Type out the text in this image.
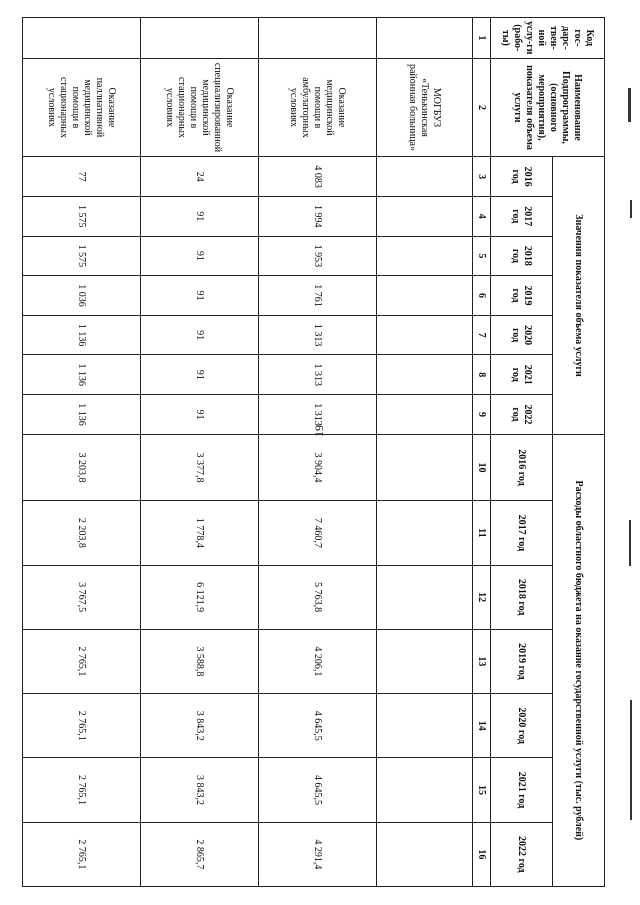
19
Код гос-дарс-твен-ной услу-ги (рабо-ты)	Наименование Подпрограммы, (основного мероприятия), показателя объема услуги	Значения показателя объема услуги							Расходы областного бюджета на оказание государственной услуги (тыс. рублей)						
		2016 год	2017 год	2018 год	2019 год	2020 год	2021 год	2022 год	2016 год	2017 год	2018 год	2019 год	2020 год	2021 год	2022 год
1	2	3	4	5	6	7	8	9	10	11	12	13	14	15	16
	МОГБУЗ «Тенькинская районная больница»														
	Оказание медицинской помощи в амбулаторных условиях	4 083	1 994	1 953	1 761	1 313	1 313	1 313	3 904,4	7 460,7	5 763,8	4 206,1	4 645,5	4 645,5	4 291,4
	Оказание специализированной медицинской помощи в стационарных условиях	24	91	91	91	91	91	91	3 377,8	1 778,4	6 121,9	3 588,8	3 843,2	3 843,2	2 865,7
	Оказание паллиативной медицинской помощи в стационарных условиях	77	1 575	1 575	1 036	1 136	1 136	1 136	3 203,8	2 203,8	3 767,5	2 765,1	2 765,1	2 765,1	2 765,1
